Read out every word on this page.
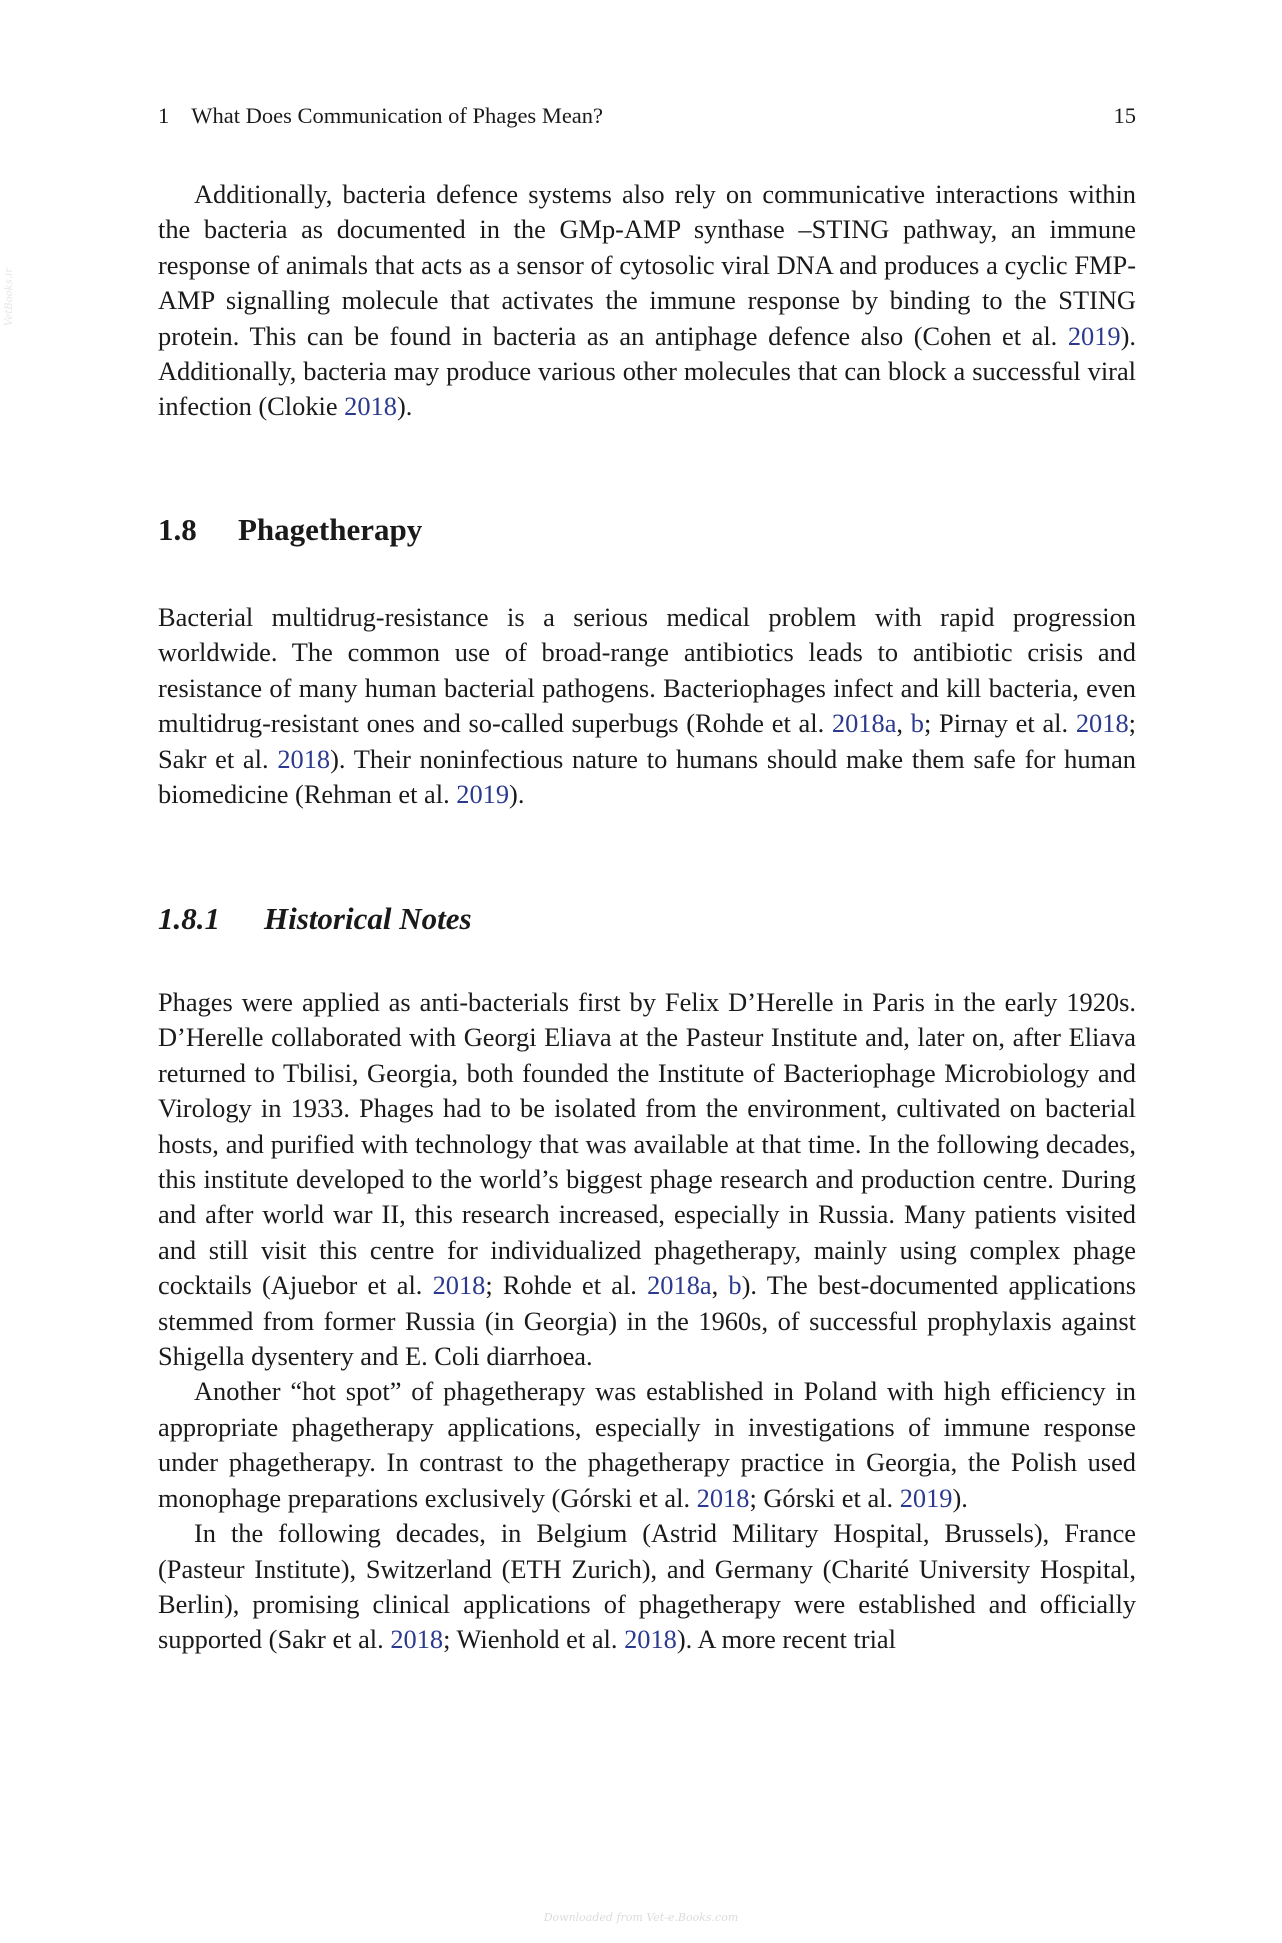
VetBooks.ir
1 What Does Communication of Phages Mean?	15

Additionally, bacteria defence systems also rely on communicative interactions within the bacteria as documented in the GMp-AMP synthase –STING pathway, an immune response of animals that acts as a sensor of cytosolic viral DNA and produces a cyclic FMP-AMP signalling molecule that activates the immune response by binding to the STING protein. This can be found in bacteria as an antiphage defence also (Cohen et al. 2019). Additionally, bacteria may produce various other molecules that can block a successful viral infection (Clokie 2018).

1.8 Phagetherapy

Bacterial multidrug-resistance is a serious medical problem with rapid progression worldwide. The common use of broad-range antibiotics leads to antibiotic crisis and resistance of many human bacterial pathogens. Bacteriophages infect and kill bacteria, even multidrug-resistant ones and so-called superbugs (Rohde et al. 2018a, b; Pirnay et al. 2018; Sakr et al. 2018). Their noninfectious nature to humans should make them safe for human biomedicine (Rehman et al. 2019).

1.8.1 Historical Notes

Phages were applied as anti-bacterials first by Felix D’Herelle in Paris in the early 1920s. D’Herelle collaborated with Georgi Eliava at the Pasteur Institute and, later on, after Eliava returned to Tbilisi, Georgia, both founded the Institute of Bacteriophage Microbiology and Virology in 1933. Phages had to be isolated from the environment, cultivated on bacterial hosts, and purified with technology that was available at that time. In the following decades, this institute developed to the world’s biggest phage research and production centre. During and after world war II, this research increased, especially in Russia. Many patients visited and still visit this centre for individualized phagetherapy, mainly using complex phage cocktails (Ajuebor et al. 2018; Rohde et al. 2018a, b). The best-documented applications stemmed from former Russia (in Georgia) in the 1960s, of successful prophylaxis against Shigella dysentery and E. Coli diarrhoea.

Another “hot spot” of phagetherapy was established in Poland with high efficiency in appropriate phagetherapy applications, especially in investigations of immune response under phagetherapy. In contrast to the phagetherapy practice in Georgia, the Polish used monophage preparations exclusively (Górski et al. 2018; Górski et al. 2019).

In the following decades, in Belgium (Astrid Military Hospital, Brussels), France (Pasteur Institute), Switzerland (ETH Zurich), and Germany (Charité University Hospital, Berlin), promising clinical applications of phagetherapy were established and officially supported (Sakr et al. 2018; Wienhold et al. 2018). A more recent trial

Downloaded from Vet-e.Books.com
